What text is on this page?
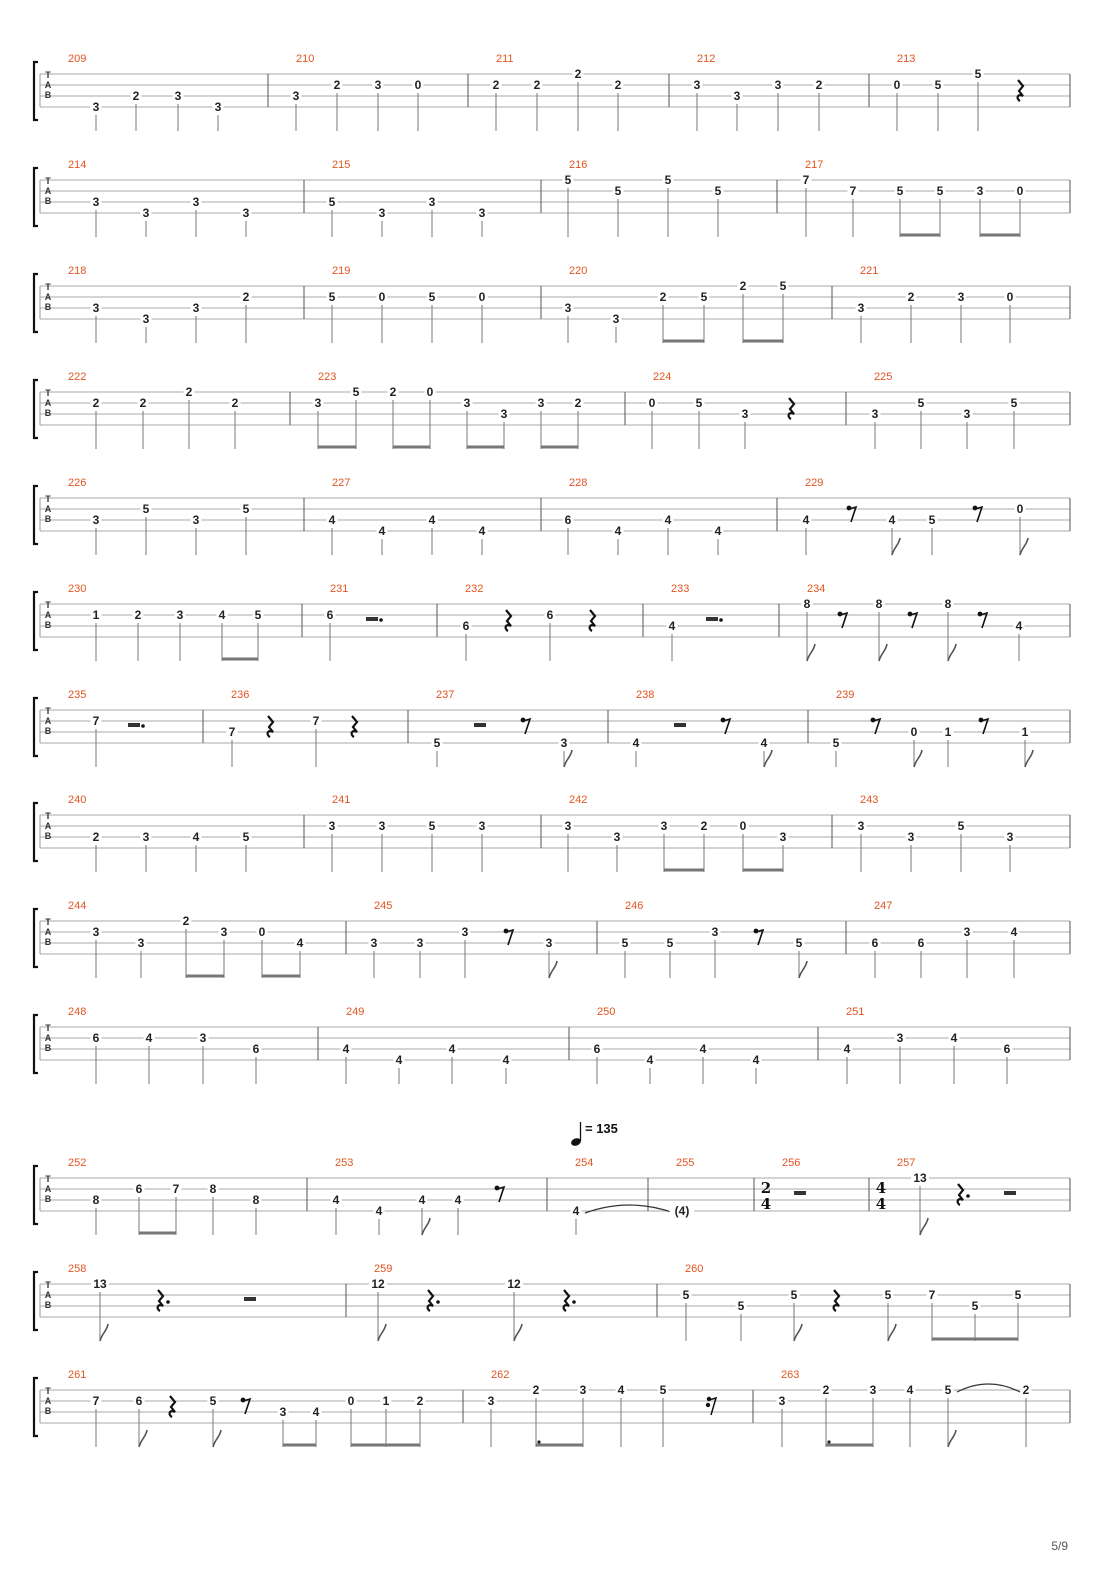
T
A
B
209
3
2	3
3
210
3
2	3	0
211
2	2
2
2
212
3
3
3	2
213
0	5
5
T
A
B
214
3
3
3
3
215
5
3
3
3
216
5
5
5
5
217
7
7	5	5	3	0
T
A
B
218
3
3
3
2
219
5	0	5	0
220
3
3
2	5
2	5
221
3
2	3	0
T
A
B
222
2	2
2
2
223
3
5	2	0
3
3
3	2
224
0	5
3
225
3
5
3
5
T
A
B
226
3
5
3
5
227
4
4
4
4
228
6
4
4
4
229
4	4	5
0
T
A
B
230
1	2	3	4 5
231
6
232
6
6
233
4
234
8	8	8
4
T
A
B
235
7
236
7
7
237
5	3
238
4	4
239
5
0 1	1
T
A
B
240
2	3	4	5
241
3	3	5	3
242
3
3
3	2	0
3
243
3
3
5
3
T
A
B
244
3
3
2
3	0
4
245
3	3
3
3
246
5	5
3
5
247
6	6
3	4
T
A
B
248
6	4	3
6
249
4
4
4
4
250
6
4
4
4
251
4
3	4
6
T
A
B
252
8
6	7	8
8
253
4
4
4 4
254
4
255
(4)
256
2
4
257
4
4
13
T
A
B
258
13
259
12	12
260
5
5
5	5	7
5
5
T
A
B
261
7	6	5
3 4
0 1 2
262
3
2	3	4	5
263
3
2	3	4	5	2
= 135
5/9
